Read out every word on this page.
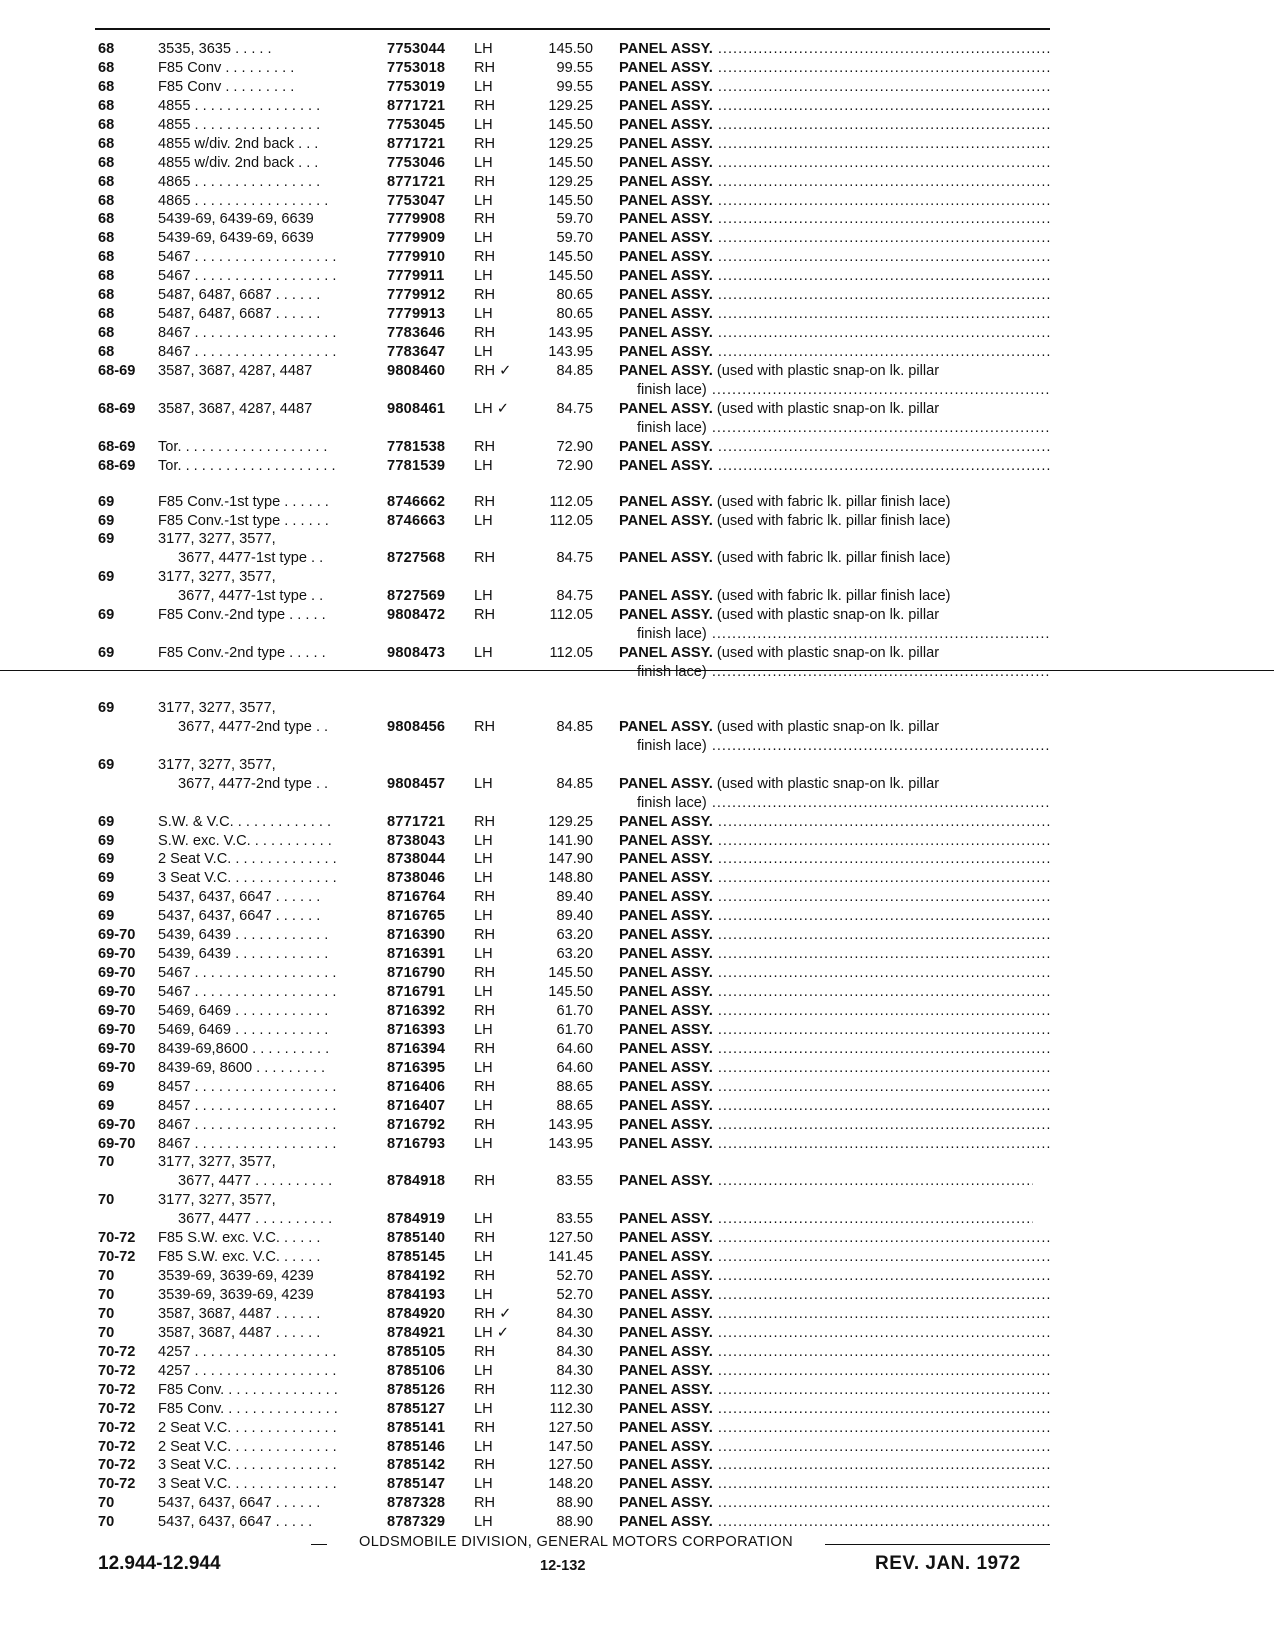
68	3535, 3635 . . . . .	7753044 LH	145.50 PANEL ASSY. .....
68	F85 Conv . . . . . . . . .	7753018 RH	99.55 PANEL ASSY. .....
68	F85 Conv . . . . . . . . .	7753019 LH	99.55 PANEL ASSY. .....
68	4855 . . . . . . . . . . . . . . . .	8771721 RH	129.25 PANEL ASSY. .....
68	4855 . . . . . . . . . . . . . . . .	7753045 LH	145.50 PANEL ASSY. .....
68	4855 w/div. 2nd back . . .	8771721 RH	129.25 PANEL ASSY. .....
68	4855 w/div. 2nd back . . .	7753046 LH	145.50 PANEL ASSY. .....
68	4865 . . . . . . . . . . . . . . . .	8771721 RH	129.25 PANEL ASSY. .....
68	4865 . . . . . . . . . . . . . . . . .	7753047 LH	145.50 PANEL ASSY. .....
68	5439-69, 6439-69, 6639	7779908 RH	59.70 PANEL ASSY. .....
68	5439-69, 6439-69, 6639	7779909 LH	59.70 PANEL ASSY. .....
68	5467 . . . . . . . . . . . . . . . . . .	7779910 RH	145.50 PANEL ASSY. .....
68	5467 . . . . . . . . . . . . . . . . . .	7779911 LH	145.50 PANEL ASSY. .....
68	5487, 6487, 6687 . . . . . .	7779912 RH	80.65 PANEL ASSY. .....
68	5487, 6487, 6687 . . . . . .	7779913 LH	80.65 PANEL ASSY. .....
68	8467 . . . . . . . . . . . . . . . . . .	7783646 RH	143.95 PANEL ASSY. .....
68	8467 . . . . . . . . . . . . . . . . . .	7783647 LH	143.95 PANEL ASSY. .....
68-69 3587, 3687, 4287, 4487	9808460 RH ✓	84.85 PANEL ASSY. (used with plastic snap-on lk. pillar
finish lace) .....
68-69 3587, 3687, 4287, 4487	9808461 LH ✓	84.75 PANEL ASSY. (used with plastic snap-on lk. pillar
finish lace) .....
68-69 Tor. . . . . . . . . . . . . . . . . . .	7781538 RH	72.90 PANEL ASSY. .....
68-69 Tor. . . . . . . . . . . . . . . . . . . .	7781539 LH	72.90 PANEL ASSY. .....
69	F85 Conv.-1st type . . . . . .	8746662 RH	112.05 PANEL ASSY. (used with fabric lk. pillar finish lace)
69	F85 Conv.-1st type . . . . . .	8746663 LH	112.05 PANEL ASSY. (used with fabric lk. pillar finish lace)
69	3177, 3277, 3577,
3677, 4477-1st type . .	8727568 RH	84.75 PANEL ASSY. (used with fabric lk. pillar finish lace)
69	3177, 3277, 3577,
3677, 4477-1st type . .	8727569 LH	84.75 PANEL ASSY. (used with fabric lk. pillar finish lace)
69	F85 Conv.-2nd type . . . . .	9808472 RH	112.05 PANEL ASSY. (used with plastic snap-on lk. pillar
finish lace) .....
69	F85 Conv.-2nd type . . . . .	9808473 LH	112.05 PANEL ASSY. (used with plastic snap-on lk. pillar
finish lace) .....
69	3177, 3277, 3577,
3677, 4477-2nd type . .	9808456 RH	84.85 PANEL ASSY. (used with plastic snap-on lk. pillar
finish lace) .....
69	3177, 3277, 3577,
3677, 4477-2nd type . .	9808457 LH	84.85 PANEL ASSY. (used with plastic snap-on lk. pillar
finish lace) .....
69	S.W. & V.C. . . . . . . . . . . . .	8771721 RH	129.25 PANEL ASSY. .....
69	S.W. exc. V.C. . . . . . . . . . .	8738043 LH	141.90 PANEL ASSY. .....
69	2 Seat V.C. . . . . . . . . . . . . .	8738044 LH	147.90 PANEL ASSY. .....
69	3 Seat V.C. . . . . . . . . . . . . .	8738046 LH	148.80 PANEL ASSY. .....
69	5437, 6437, 6647 . . . . . .	8716764 RH	89.40 PANEL ASSY. .....
69	5437, 6437, 6647 . . . . . .	8716765 LH	89.40 PANEL ASSY. .....
69-70 5439, 6439 . . . . . . . . . . . .	8716390 RH	63.20 PANEL ASSY. .....
69-70 5439, 6439 . . . . . . . . . . . .	8716391 LH	63.20 PANEL ASSY. .....
69-70 5467 . . . . . . . . . . . . . . . . . .	8716790 RH	145.50 PANEL ASSY. .....
69-70 5467 . . . . . . . . . . . . . . . . . .	8716791 LH	145.50 PANEL ASSY. .....
69-70 5469, 6469 . . . . . . . . . . . .	8716392 RH	61.70 PANEL ASSY. .....
69-70 5469, 6469 . . . . . . . . . . . .	8716393 LH	61.70 PANEL ASSY. .....
69-70 8439-69,8600 . . . . . . . . . .	8716394 RH	64.60 PANEL ASSY. .....
69-70 8439-69, 8600 . . . . . . . . .	8716395 LH	64.60 PANEL ASSY. .....
69	8457 . . . . . . . . . . . . . . . . . .	8716406 RH	88.65 PANEL ASSY. .....
69	8457 . . . . . . . . . . . . . . . . . .	8716407 LH	88.65 PANEL ASSY. .....
69-70 8467 . . . . . . . . . . . . . . . . . .	8716792 RH	143.95 PANEL ASSY. .....
69-70 8467 . . . . . . . . . . . . . . . . . .	8716793 LH	143.95 PANEL ASSY. .....
70	3177, 3277, 3577,
3677, 4477 . . . . . . . . . .	8784918 RH	83.55 PANEL ASSY. .....
70	3177, 3277, 3577,
3677, 4477 . . . . . . . . . .	8784919 LH	83.55 PANEL ASSY. .....
70-72 F85 S.W. exc. V.C. . . . . .	8785140 RH	127.50 PANEL ASSY. .....
70-72 F85 S.W. exc. V.C. . . . . .	8785145 LH	141.45 PANEL ASSY. .....
70	3539-69, 3639-69, 4239	8784192 RH	52.70 PANEL ASSY. .....
70	3539-69, 3639-69, 4239	8784193 LH	52.70 PANEL ASSY. .....
70	3587, 3687, 4487 . . . . . .	8784920 RH ✓	84.30 PANEL ASSY. .....
70	3587, 3687, 4487 . . . . . .	8784921 LH ✓	84.30 PANEL ASSY. .....
70-72 4257 . . . . . . . . . . . . . . . . . .	8785105 RH	84.30 PANEL ASSY. .....
70-72 4257 . . . . . . . . . . . . . . . . . .	8785106 LH	84.30 PANEL ASSY. .....
70-72 F85 Conv. . . . . . . . . . . . . . .	8785126 RH	112.30 PANEL ASSY. .....
70-72 F85 Conv. . . . . . . . . . . . . . .	8785127 LH	112.30 PANEL ASSY. .....
70-72 2 Seat V.C. . . . . . . . . . . . . .	8785141 RH	127.50 PANEL ASSY. .....
70-72 2 Seat V.C. . . . . . . . . . . . . .	8785146 LH	147.50 PANEL ASSY. .....
70-72 3 Seat V.C. . . . . . . . . . . . . .	8785142 RH	127.50 PANEL ASSY. .....
70-72 3 Seat V.C. . . . . . . . . . . . . .	8785147 LH	148.20 PANEL ASSY. .....
70	5437, 6437, 6647 . . . . . .	8787328 RH	88.90 PANEL ASSY. .....
70	5437, 6437, 6647 . . . . .	8787329 LH	88.90 PANEL ASSY. .....
OLDSMOBILE DIVISION, GENERAL MOTORS CORPORATION
12.944-12.944	12-132	REV. JAN. 1972
